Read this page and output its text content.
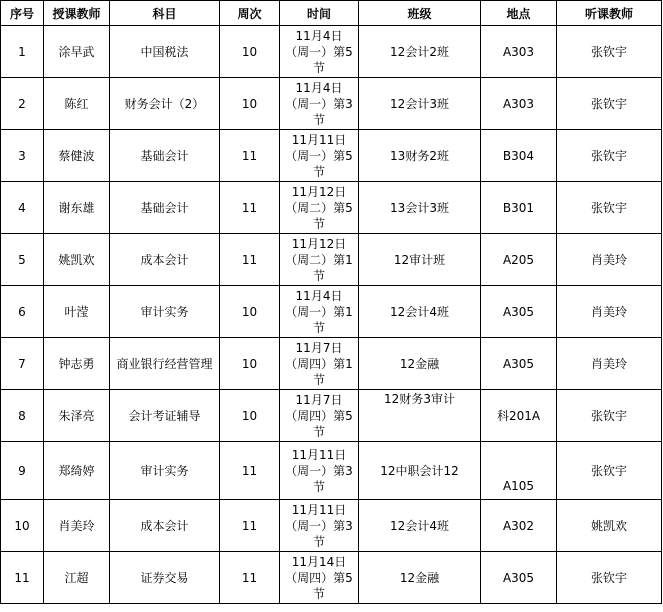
序号	授课教师	科目	周次	时间	班级	地点	听课教师
1	涂早武	中国税法	10	11月4日
（周一）第5
节	12会计2班	A303	张钦宇
2	陈红	财务会计（2）	10	11月4日
（周一）第3
节	12会计3班	A303	张钦宇
3	蔡健波	基础会计	11	11月11日
（周一）第5
节	13财务2班	B304	张钦宇
4	谢东雄	基础会计	11	11月12日
（周二）第5
节	13会计3班	B301	张钦宇
5	姚凯欢	成本会计	11	11月12日
（周二）第1
节	12审计班	A205	肖美玲
6	叶滢	审计实务	10	11月4日
（周一）第1
节	12会计4班	A305	肖美玲
7	钟志勇	商业银行经营管理	10	11月7日
（周四）第1
节	12金融	A305	肖美玲
8	朱泽亮	会计考证辅导	10	11月7日
（周四）第5
节	12财务3审计	科201A	张钦宇
9	郑绮婷	审计实务	11	11月11日
（周一）第3
节	12中职会计12	A105	张钦宇
10	肖美玲	成本会计	11	11月11日
（周一）第3
节	12会计4班	A302	姚凯欢
11	江超	证券交易	11	11月14日
（周四）第5
节	12金融	A305	张钦宇
